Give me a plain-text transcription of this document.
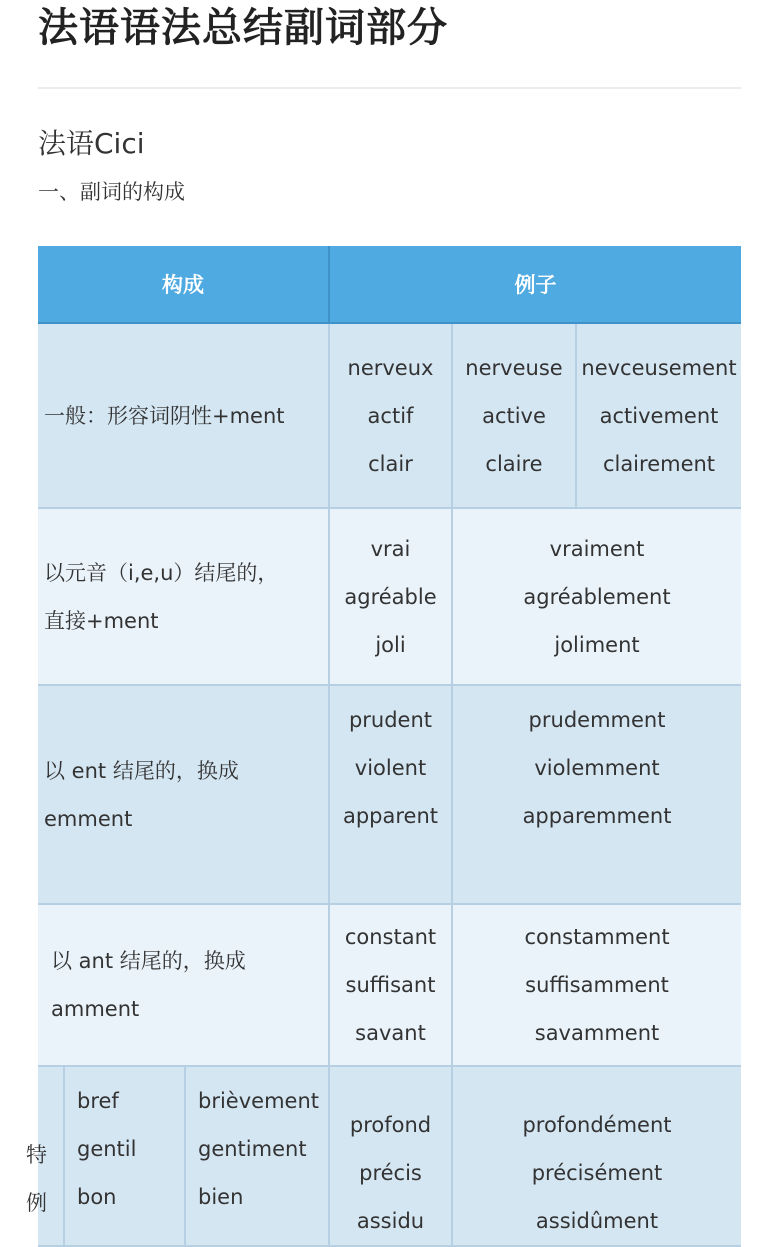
法语语法总结副词部分
法语Cici
一、副词的构成
构成	例子
一般：形容词阴性+ment
nerveux
actif
clair
nerveuse
active
claire
nevceusement
activement
clairement
以元音（i,e,u）结尾的，
直接+ment
vrai
agréable
joli
vraiment
agréablement
joliment
以 ent 结尾的，换成
emment
prudent
violent
apparent
prudemment
violemment
apparemment
以 ant 结尾的，换成
amment
constant
suffisant
savant
constamment
suffisamment
savamment
特
例
bref
gentil
bon
brièvement
gentiment
bien
profond
précis
assidu
profondément
précisément
assidûment
